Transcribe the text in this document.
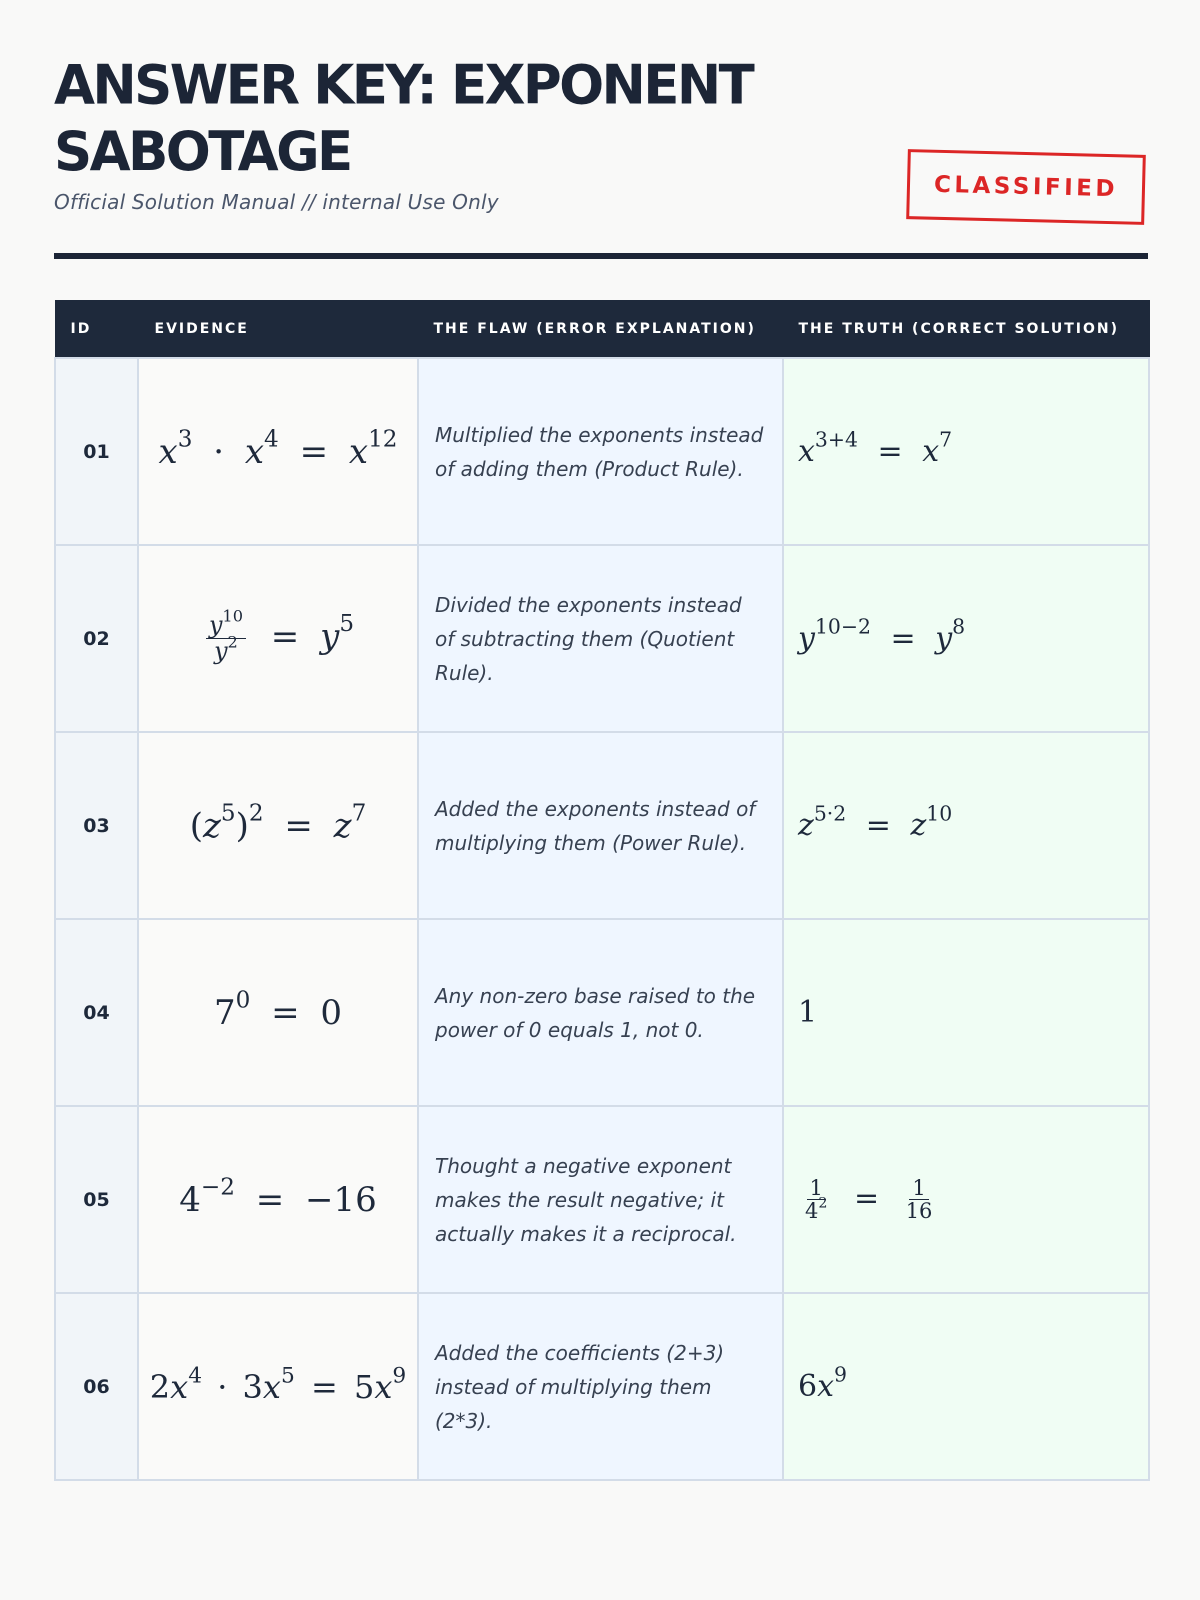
ANSWER KEY: EXPONENT SABOTAGE
Official Solution Manual // internal Use Only	CLASSIFIED
ID	EVIDENCE	THE FLAW (ERROR EXPLANATION)	THE TRUTH (CORRECT SOLUTION)
01	$x^3 \cdot x^4 = x^{12}$	Multiplied the exponents instead of adding them (Product Rule).	$x^{3+4} = x^7$
02	$\frac{y^{10}}{y^2} = y^5$	Divided the exponents instead of subtracting them (Quotient Rule).	$y^{10-2} = y^8$
03	$(z^5)^2 = z^7$	Added the exponents instead of multiplying them (Power Rule).	$z^{5\cdot 2} = z^{10}$
04	$7^0 = 0$	Any non-zero base raised to the power of 0 equals 1, not 0.	1
05	$4^{-2} = -16$	Thought a negative exponent makes the result negative; it actually makes it a reciprocal.	$\frac{1}{4^2} = \frac{1}{16}$

06	$2x^4 \cdot 3x^5 = 5x^9$	Added the coefficients (2+3) instead of multiplying them (2*3).	$6x^9$
